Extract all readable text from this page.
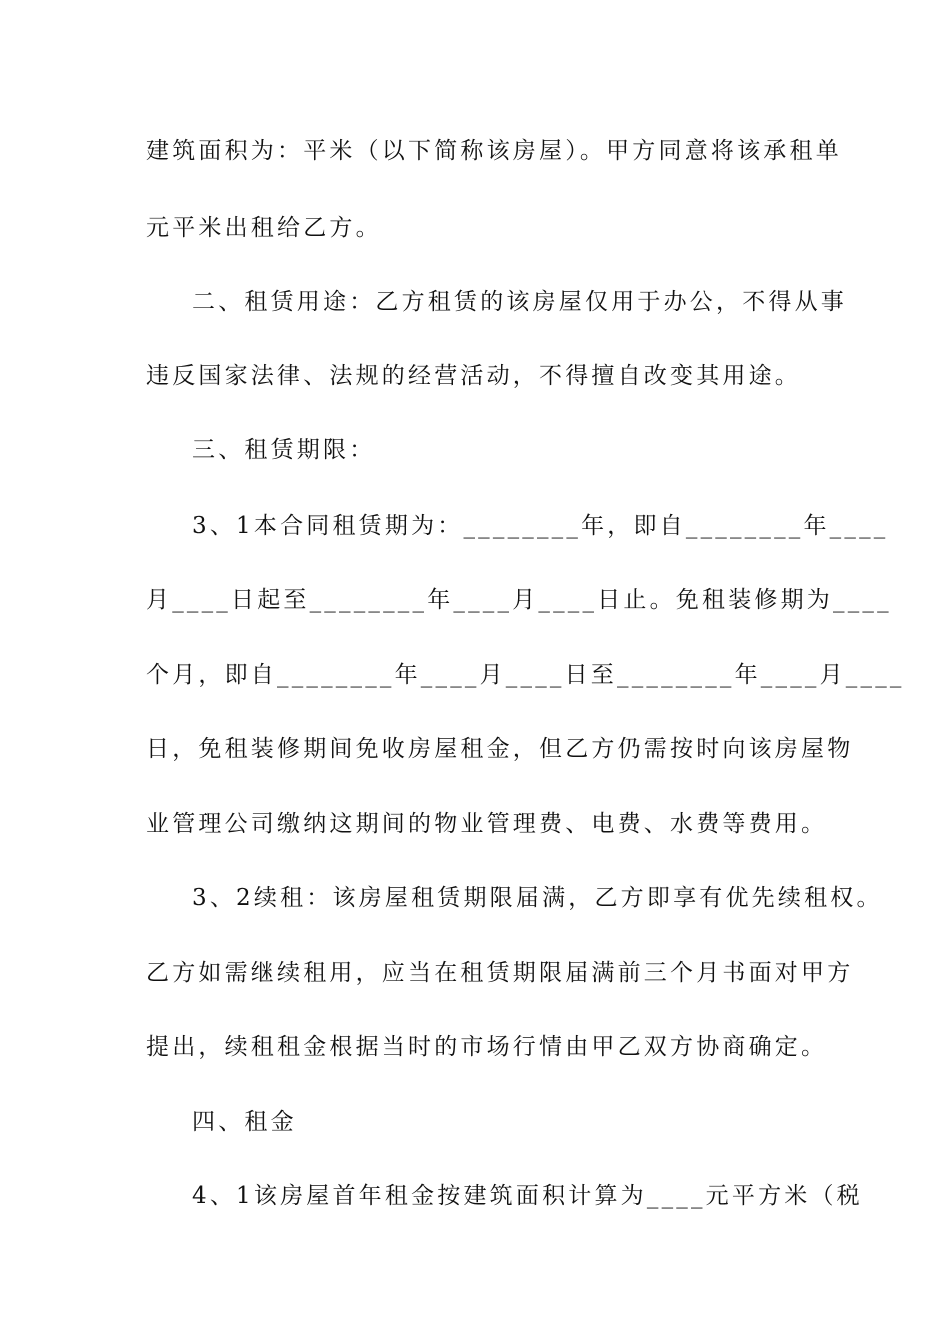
建筑面积为：平米（以下简称该房屋）。甲方同意将该承租单
元平米出租给乙方。
二、租赁用途：乙方租赁的该房屋仅用于办公，不得从事
违反国家法律、法规的经营活动，不得擅自改变其用途。
三、租赁期限：
3、1本合同租赁期为：________年，即自________年____
月____日起至________年____月____日止。免租装修期为____
个月，即自________年____月____日至________年____月____
日，免租装修期间免收房屋租金，但乙方仍需按时向该房屋物
业管理公司缴纳这期间的物业管理费、电费、水费等费用。
3、2续租：该房屋租赁期限届满，乙方即享有优先续租权。
乙方如需继续租用，应当在租赁期限届满前三个月书面对甲方
提出，续租租金根据当时的市场行情由甲乙双方协商确定。
四、租金
4、1该房屋首年租金按建筑面积计算为____元平方米（税
